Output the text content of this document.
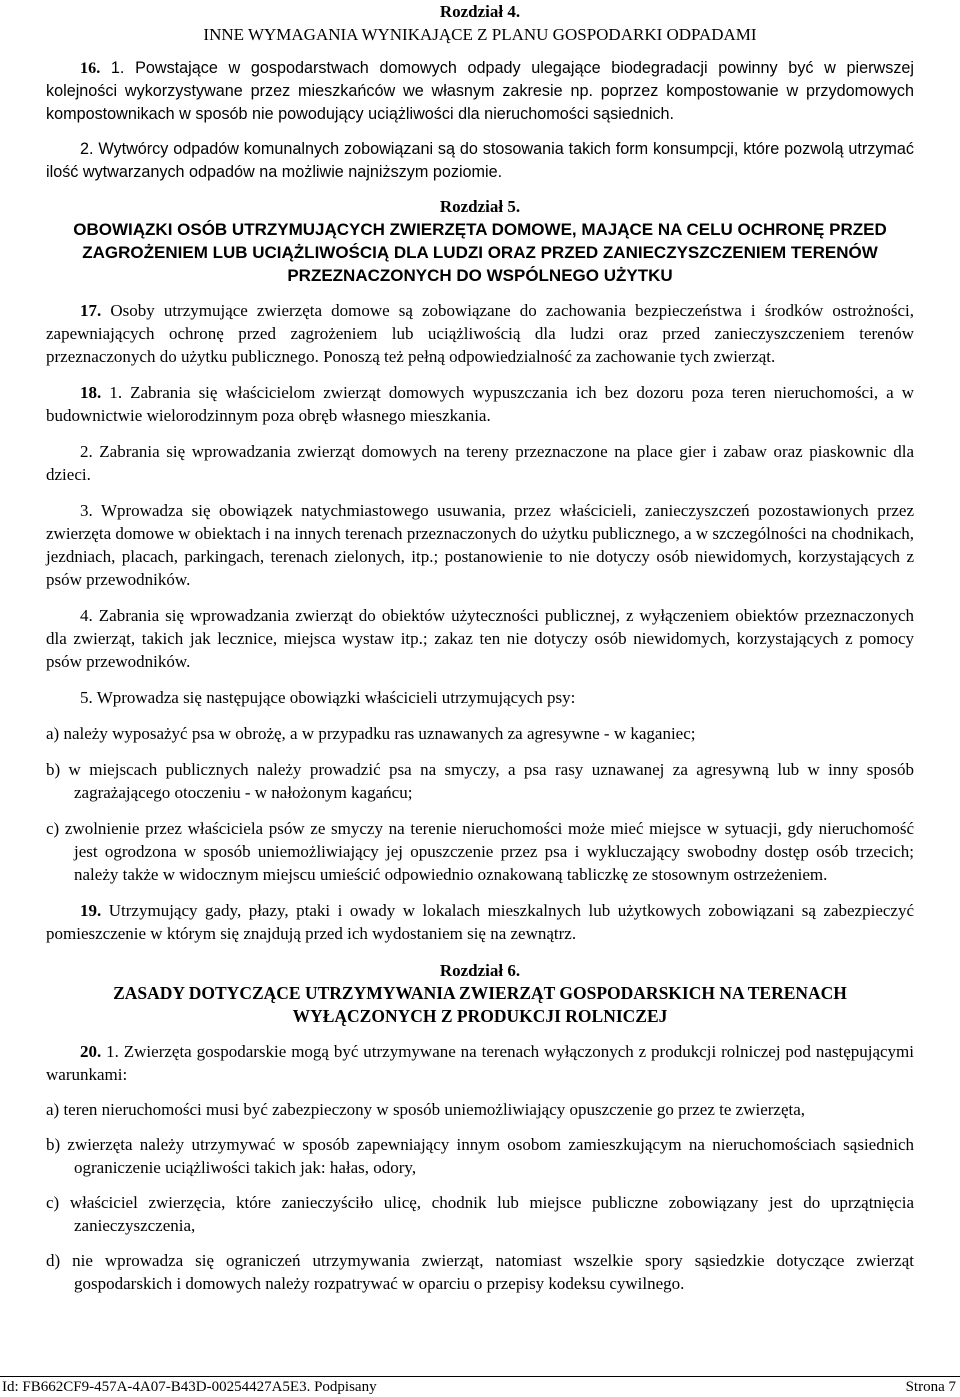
Rozdział 4.

INNE WYMAGANIA WYNIKAJĄCE Z PLANU GOSPODARKI ODPADAMI

16. 1. Powstające w gospodarstwach domowych odpady ulegające biodegradacji powinny być w pierwszej kolejności wykorzystywane przez mieszkańców we własnym zakresie np. poprzez kompostowanie w przydomowych kompostownikach w sposób nie powodujący uciążliwości dla nieruchomości sąsiednich.

2. Wytwórcy odpadów komunalnych zobowiązani są do stosowania takich form konsumpcji, które pozwolą utrzymać ilość wytwarzanych odpadów na możliwie najniższym poziomie.

Rozdział 5.

OBOWIĄZKI OSÓB UTRZYMUJĄCYCH ZWIERZĘTA DOMOWE, MAJĄCE NA CELU OCHRONĘ PRZED ZAGROŻENIEM LUB UCIĄŻLIWOŚCIĄ DLA LUDZI ORAZ PRZED ZANIECZYSZCZENIEM TERENÓW PRZEZNACZONYCH DO WSPÓLNEGO UŻYTKU

17. Osoby utrzymujące zwierzęta domowe są zobowiązane do zachowania bezpieczeństwa i środków ostrożności, zapewniających ochronę przed zagrożeniem lub uciążliwością dla ludzi oraz przed zanieczyszczeniem terenów przeznaczonych do użytku publicznego. Ponoszą też pełną odpowiedzialność za zachowanie tych zwierząt.

18. 1. Zabrania się właścicielom zwierząt domowych wypuszczania ich bez dozoru poza teren nieruchomości, a w budownictwie wielorodzinnym poza obręb własnego mieszkania.

2. Zabrania się wprowadzania zwierząt domowych na tereny przeznaczone na place gier i zabaw oraz piaskownic dla dzieci.

3. Wprowadza się obowiązek natychmiastowego usuwania, przez właścicieli, zanieczyszczeń pozostawionych przez zwierzęta domowe w obiektach i na innych terenach przeznaczonych do użytku publicznego, a w szczególności na chodnikach, jezdniach, placach, parkingach, terenach zielonych, itp.; postanowienie to nie dotyczy osób niewidomych, korzystających z psów przewodników.

4. Zabrania się wprowadzania zwierząt do obiektów użyteczności publicznej, z wyłączeniem obiektów przeznaczonych dla zwierząt, takich jak lecznice, miejsca wystaw itp.; zakaz ten nie dotyczy osób niewidomych, korzystających z pomocy psów przewodników.

5. Wprowadza się następujące obowiązki właścicieli utrzymujących psy:

a) należy wyposażyć psa w obrożę, a w przypadku ras uznawanych za agresywne - w kaganiec;

b) w miejscach publicznych należy prowadzić psa na smyczy, a psa rasy uznawanej za agresywną lub w inny sposób zagrażającego otoczeniu - w nałożonym kagańcu;

c) zwolnienie przez właściciela psów ze smyczy na terenie nieruchomości może mieć miejsce w sytuacji, gdy nieruchomość jest ogrodzona w sposób uniemożliwiający jej opuszczenie przez psa i wykluczający swobodny dostęp osób trzecich; należy także w widocznym miejscu umieścić odpowiednio oznakowaną tabliczkę ze stosownym ostrzeżeniem.

19. Utrzymujący gady, płazy, ptaki i owady w lokalach mieszkalnych lub użytkowych zobowiązani są zabezpieczyć pomieszczenie w którym się znajdują przed ich wydostaniem się na zewnątrz.

Rozdział 6.

ZASADY DOTYCZĄCE UTRZYMYWANIA ZWIERZĄT GOSPODARSKICH NA TERENACH WYŁĄCZONYCH Z PRODUKCJI ROLNICZEJ

20. 1. Zwierzęta gospodarskie mogą być utrzymywane na terenach wyłączonych z produkcji rolniczej pod następującymi warunkami:

a) teren nieruchomości musi być zabezpieczony w sposób uniemożliwiający opuszczenie go przez te zwierzęta,

b) zwierzęta należy utrzymywać w sposób zapewniający innym osobom zamieszkującym na nieruchomościach sąsiednich ograniczenie uciążliwości takich jak: hałas, odory,

c) właściciel zwierzęcia, które zanieczyściło ulicę, chodnik lub miejsce publiczne zobowiązany jest do uprzątnięcia zanieczyszczenia,

d) nie wprowadza się ograniczeń utrzymywania zwierząt, natomiast wszelkie spory sąsiedzkie dotyczące zwierząt gospodarskich i domowych należy rozpatrywać w oparciu o przepisy kodeksu cywilnego.

Id: FB662CF9-457A-4A07-B43D-00254427A5E3. Podpisany	Strona 7
